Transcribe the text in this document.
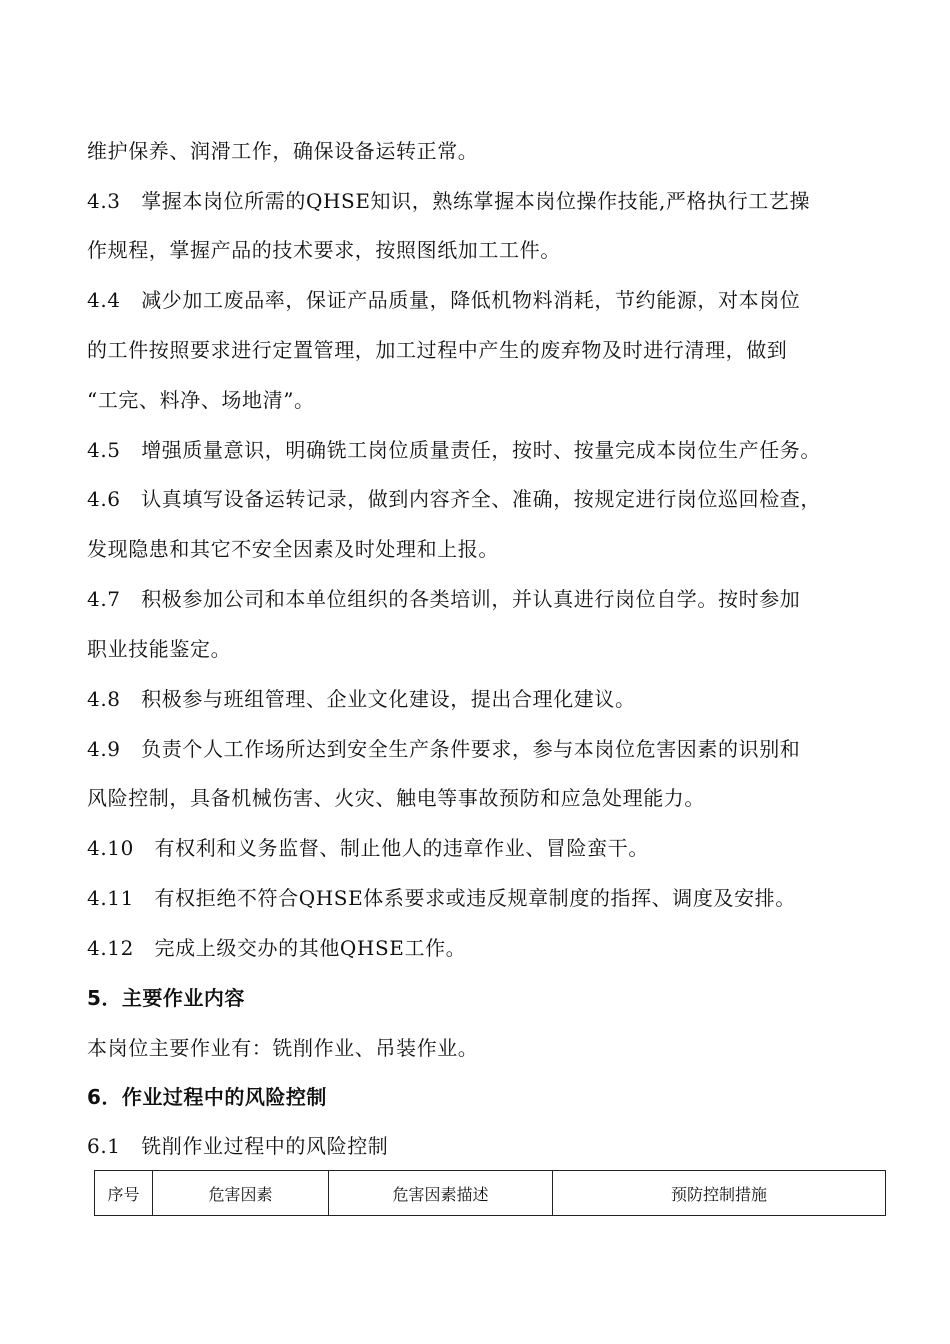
维护保养、润滑工作，确保设备运转正常。
4.3　掌握本岗位所需的QHSE知识，熟练掌握本岗位操作技能,严格执行工艺操
作规程，掌握产品的技术要求，按照图纸加工工件。
4.4　减少加工废品率，保证产品质量，降低机物料消耗，节约能源，对本岗位
的工件按照要求进行定置管理，加工过程中产生的废弃物及时进行清理，做到
“工完、料净、场地清”。
4.5　增强质量意识，明确铣工岗位质量责任，按时、按量完成本岗位生产任务。
4.6　认真填写设备运转记录，做到内容齐全、准确，按规定进行岗位巡回检查，
发现隐患和其它不安全因素及时处理和上报。
4.7　积极参加公司和本单位组织的各类培训，并认真进行岗位自学。按时参加
职业技能鉴定。
4.8　积极参与班组管理、企业文化建设，提出合理化建议。
4.9　负责个人工作场所达到安全生产条件要求，参与本岗位危害因素的识别和
风险控制，具备机械伤害、火灾、触电等事故预防和应急处理能力。
4.10　有权利和义务监督、制止他人的违章作业、冒险蛮干。
4.11　有权拒绝不符合QHSE体系要求或违反规章制度的指挥、调度及安排。
4.12　完成上级交办的其他QHSE工作。
5．主要作业内容
本岗位主要作业有：铣削作业、吊装作业。
6．作业过程中的风险控制
6.1　铣削作业过程中的风险控制
序号	危害因素	危害因素描述	预防控制措施
